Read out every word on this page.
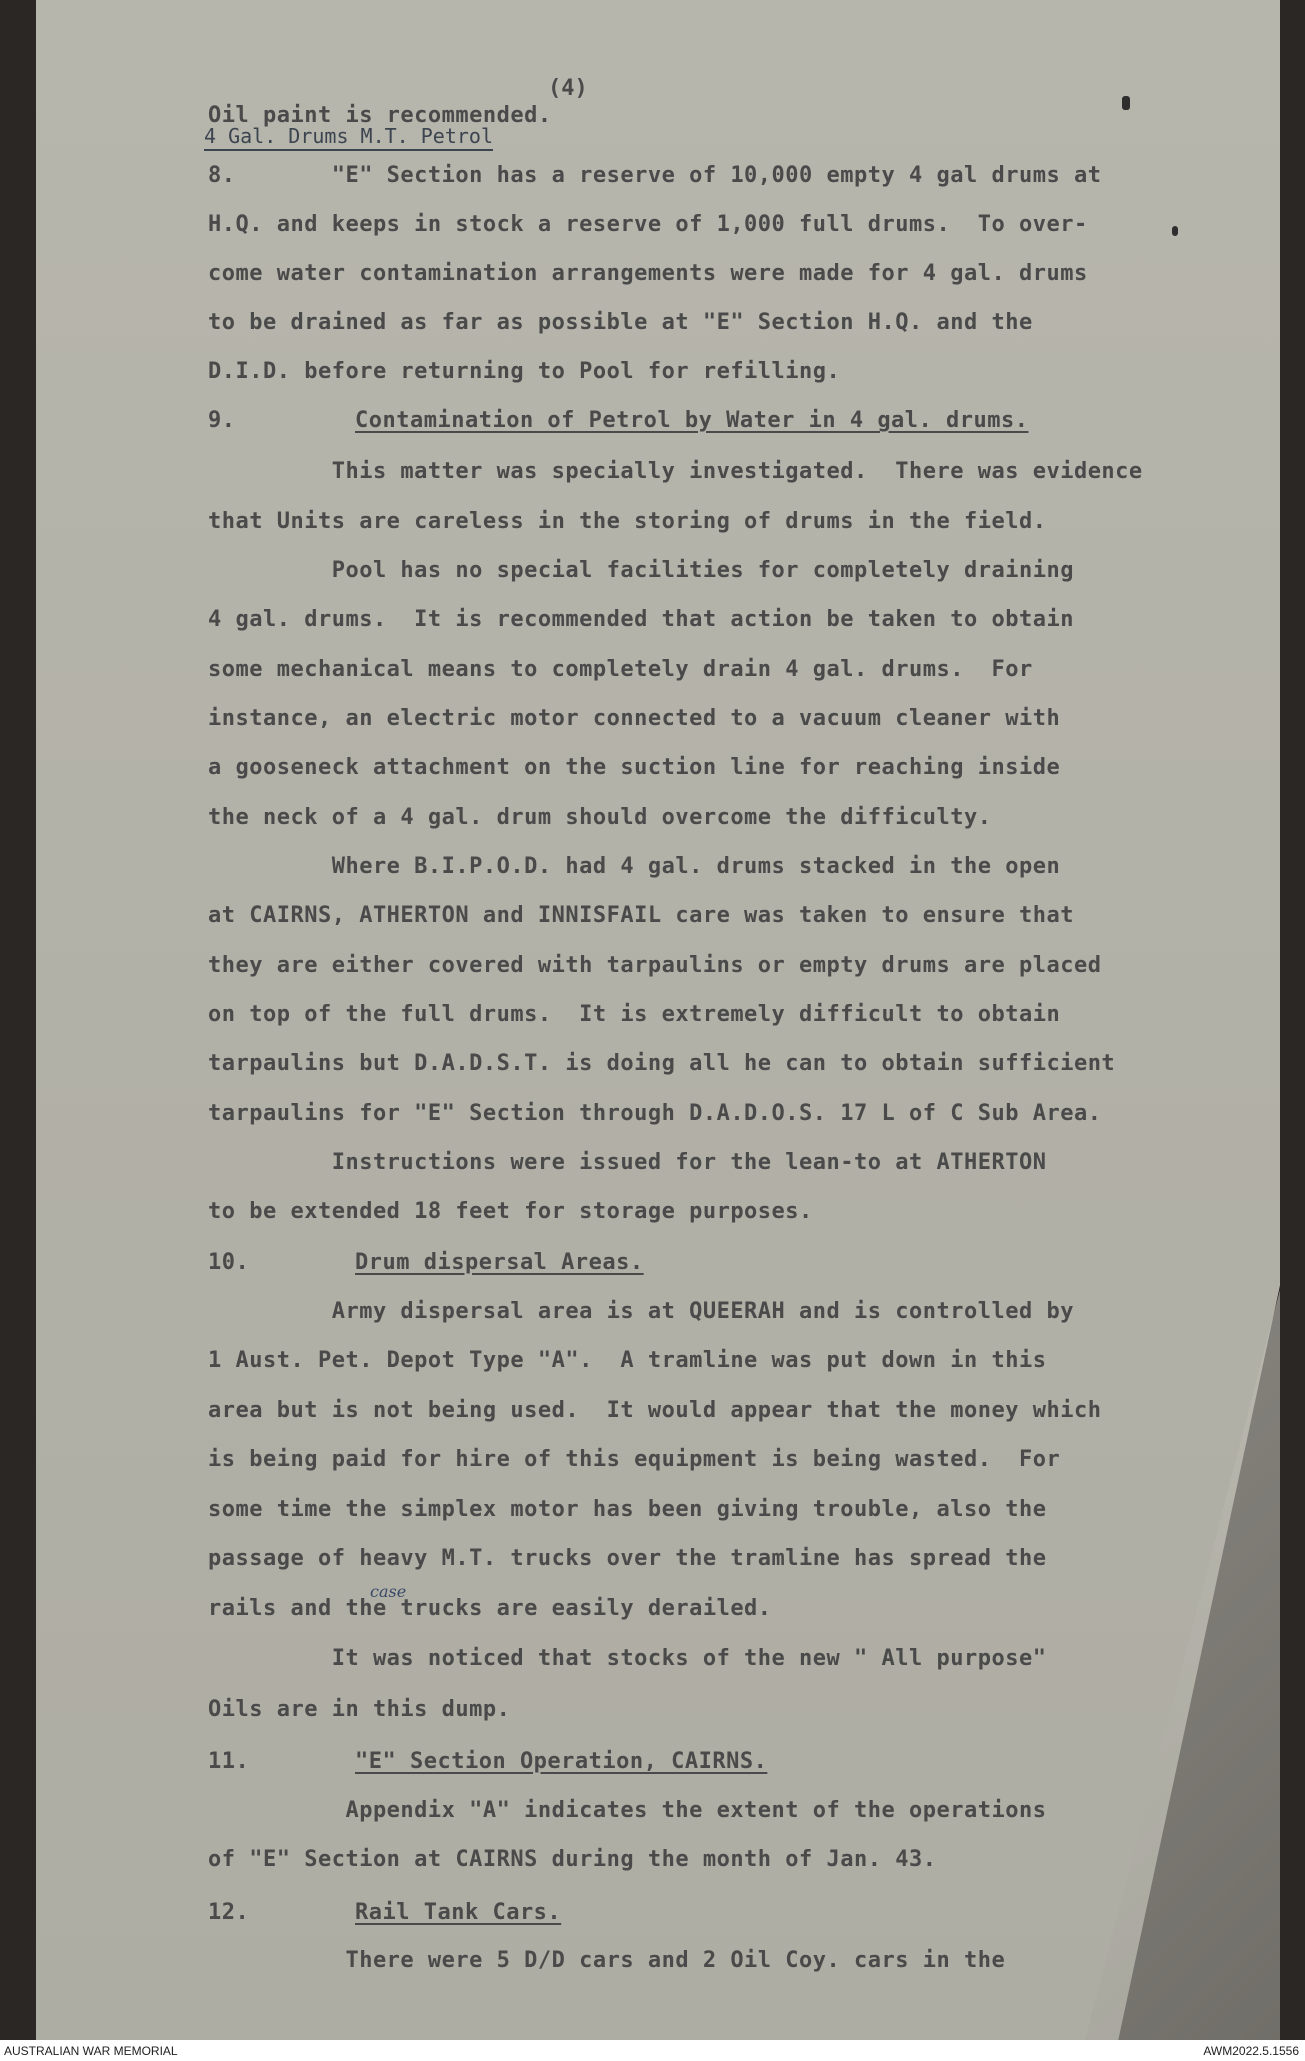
(4)
4 Gal. Drums M.T. Petrol
case
Oil paint is recommended.
8.       "E" Section has a reserve of 10,000 empty 4 gal drums at
H.Q. and keeps in stock a reserve of 1,000 full drums.  To over-
come water contamination arrangements were made for 4 gal. drums
to be drained as far as possible at "E" Section H.Q. and the
D.I.D. before returning to Pool for refilling.
9.	Contamination of Petrol by Water in 4 gal. drums.
This matter was specially investigated.  There was evidence
that Units are careless in the storing of drums in the field.
Pool has no special facilities for completely draining
4 gal. drums.  It is recommended that action be taken to obtain
some mechanical means to completely drain 4 gal. drums.  For
instance, an electric motor connected to a vacuum cleaner with
a gooseneck attachment on the suction line for reaching inside
the neck of a 4 gal. drum should overcome the difficulty.
Where B.I.P.O.D. had 4 gal. drums stacked in the open
at CAIRNS, ATHERTON and INNISFAIL care was taken to ensure that
they are either covered with tarpaulins or empty drums are placed
on top of the full drums.  It is extremely difficult to obtain
tarpaulins but D.A.D.S.T. is doing all he can to obtain sufficient
tarpaulins for "E" Section through D.A.D.O.S. 17 L of C Sub Area.
Instructions were issued for the lean-to at ATHERTON
to be extended 18 feet for storage purposes.
10.	Drum dispersal Areas.
Army dispersal area is at QUEERAH and is controlled by
1 Aust. Pet. Depot Type "A".  A tramline was put down in this
area but is not being used.  It would appear that the money which
is being paid for hire of this equipment is being wasted.  For
some time the simplex motor has been giving trouble, also the
passage of heavy M.T. trucks over the tramline has spread the
rails and the trucks are easily derailed.
It was noticed that stocks of the new " All purpose"
Oils are in this dump.
11.	"E" Section Operation, CAIRNS.
Appendix "A" indicates the extent of the operations
of "E" Section at CAIRNS during the month of Jan. 43.
12.	Rail Tank Cars.
There were 5 D/D cars and 2 Oil Coy. cars in the
AUSTRALIAN WAR MEMORIAL	AWM2022.5.1556
